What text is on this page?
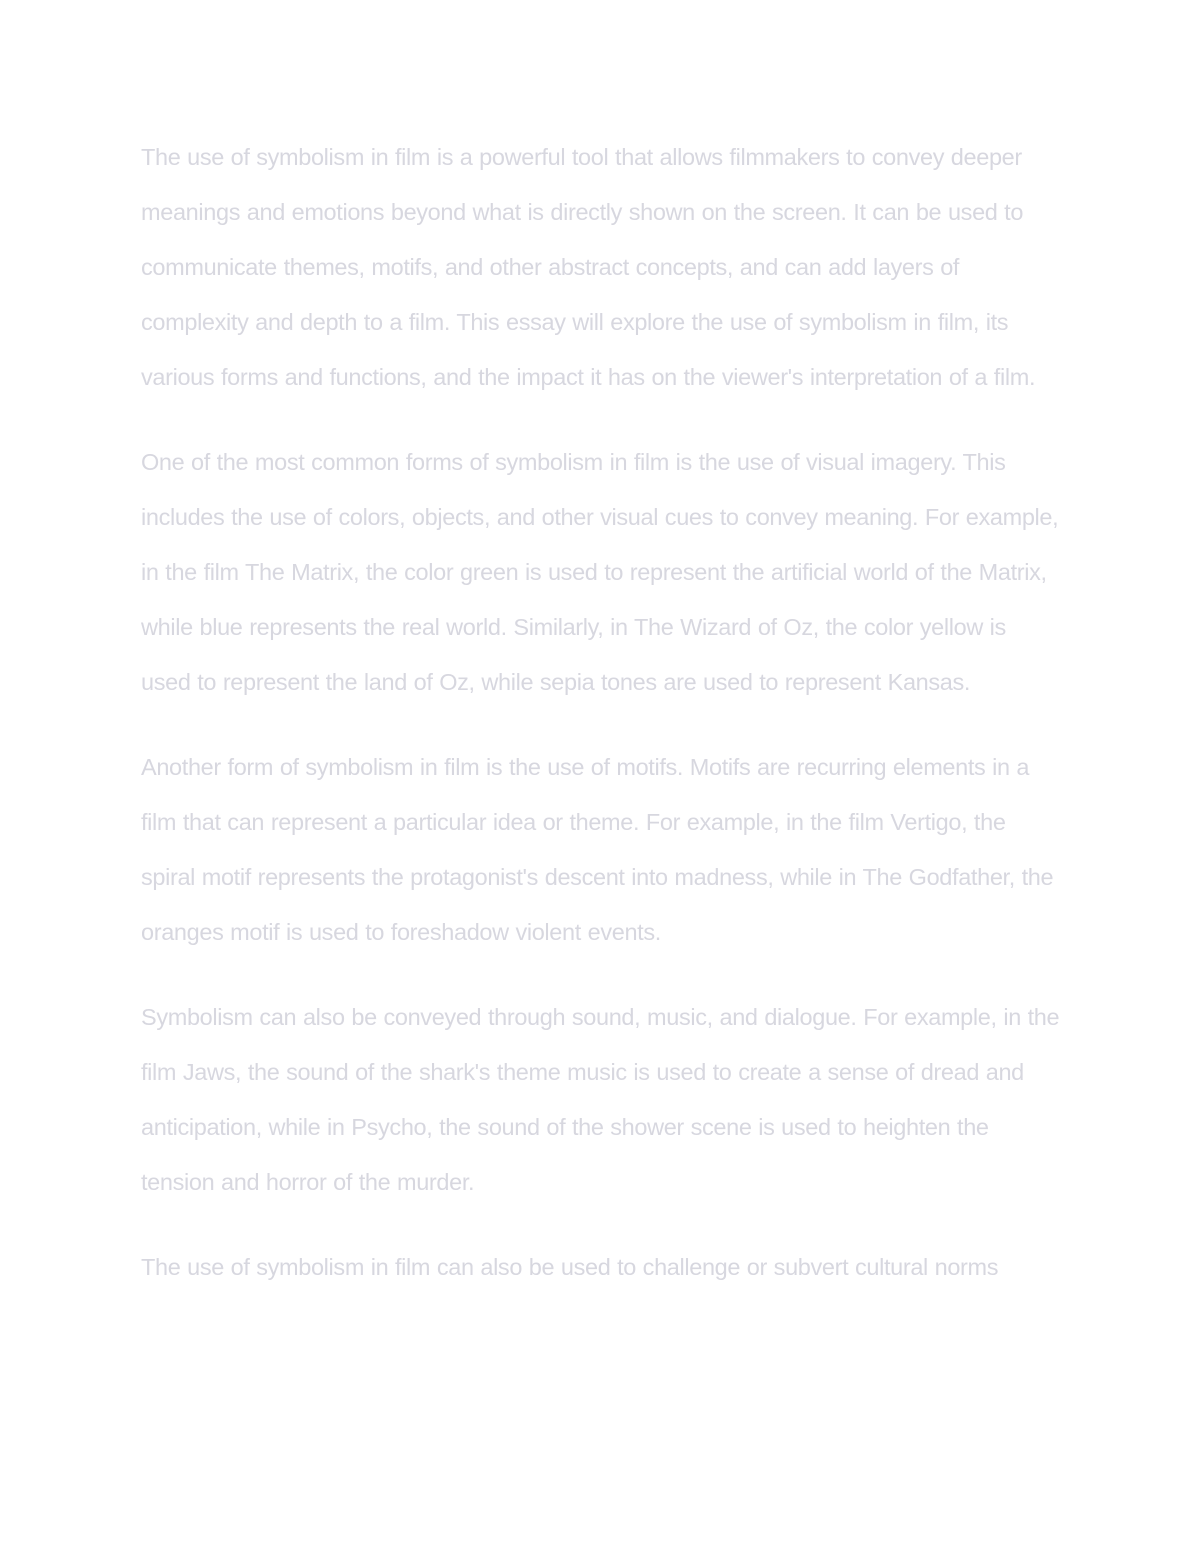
The use of symbolism in film is a powerful tool that allows filmmakers to convey deeper meanings and emotions beyond what is directly shown on the screen. It can be used to communicate themes, motifs, and other abstract concepts, and can add layers of complexity and depth to a film. This essay will explore the use of symbolism in film, its various forms and functions, and the impact it has on the viewer's interpretation of a film.

One of the most common forms of symbolism in film is the use of visual imagery. This includes the use of colors, objects, and other visual cues to convey meaning. For example, in the film The Matrix, the color green is used to represent the artificial world of the Matrix, while blue represents the real world. Similarly, in The Wizard of Oz, the color yellow is used to represent the land of Oz, while sepia tones are used to represent Kansas.

Another form of symbolism in film is the use of motifs. Motifs are recurring elements in a film that can represent a particular idea or theme. For example, in the film Vertigo, the spiral motif represents the protagonist's descent into madness, while in The Godfather, the oranges motif is used to foreshadow violent events.

Symbolism can also be conveyed through sound, music, and dialogue. For example, in the film Jaws, the sound of the shark's theme music is used to create a sense of dread and anticipation, while in Psycho, the sound of the shower scene is used to heighten the tension and horror of the murder.

The use of symbolism in film can also be used to challenge or subvert cultural norms
